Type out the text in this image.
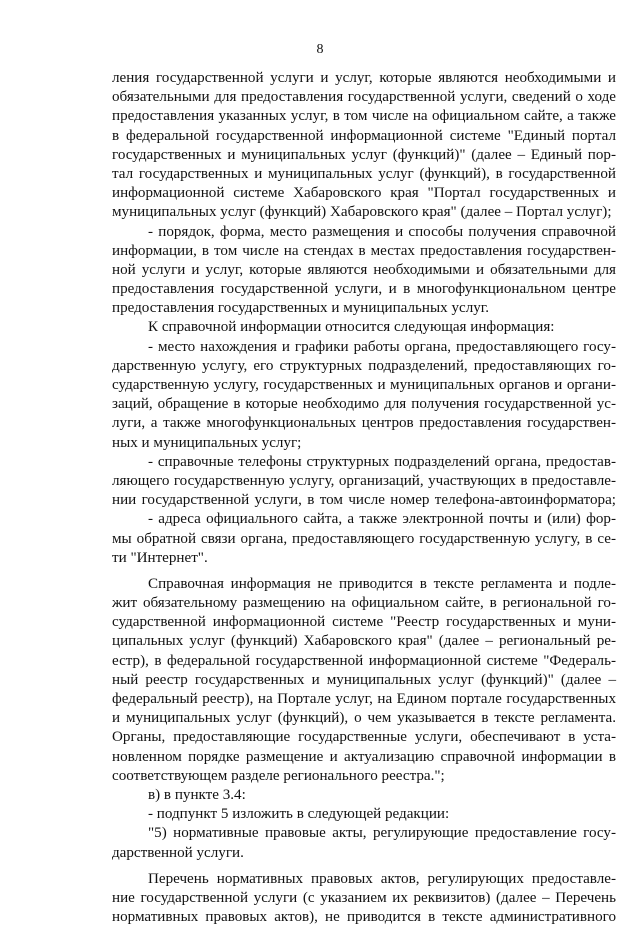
8
ления государственной услуги и услуг, которые являются необходимыми и
обязательными для предоставления государственной услуги, сведений о ходе
предоставления указанных услуг, в том числе на официальном сайте, а также
в федеральной государственной информационной системе "Единый портал
государственных и муниципальных услуг (функций)" (далее – Единый пор-
тал государственных и муниципальных услуг (функций), в государственной
информационной системе Хабаровского края "Портал государственных и
муниципальных услуг (функций) Хабаровского края" (далее – Портал услуг);
- порядок, форма, место размещения и способы получения справочной
информации, в том числе на стендах в местах предоставления государствен-
ной услуги и услуг, которые являются необходимыми и обязательными для
предоставления государственной услуги, и в многофункциональном центре
предоставления государственных и муниципальных услуг.
К справочной информации относится следующая информация:
- место нахождения и графики работы органа, предоставляющего госу-
дарственную услугу, его структурных подразделений, предоставляющих го-
сударственную услугу, государственных и муниципальных органов и органи-
заций, обращение в которые необходимо для получения государственной ус-
луги, а также многофункциональных центров предоставления государствен-
ных и муниципальных услуг;
- справочные телефоны структурных подразделений органа, предостав-
ляющего государственную услугу, организаций, участвующих в предоставле-
нии государственной услуги, в том числе номер телефона-автоинформатора;
- адреса официального сайта, а также электронной почты и (или) фор-
мы обратной связи органа, предоставляющего государственную услугу, в се-
ти "Интернет".
Справочная информация не приводится в тексте регламента и подле-
жит обязательному размещению на официальном сайте, в региональной го-
сударственной информационной системе "Реестр государственных и муни-
ципальных услуг (функций) Хабаровского края" (далее – региональный ре-
естр), в федеральной государственной информационной системе "Федераль-
ный реестр государственных и муниципальных услуг (функций)" (далее –
федеральный реестр), на Портале услуг, на Едином портале государственных
и муниципальных услуг (функций), о чем указывается в тексте регламента.
Органы, предоставляющие государственные услуги, обеспечивают в уста-
новленном порядке размещение и актуализацию справочной информации в
соответствующем разделе регионального реестра.";
в) в пункте 3.4:
- подпункт 5 изложить в следующей редакции:
"5) нормативные правовые акты, регулирующие предоставление госу-
дарственной услуги.
Перечень нормативных правовых актов, регулирующих предоставле-
ние государственной услуги (с указанием их реквизитов) (далее – Перечень
нормативных правовых актов), не приводится в тексте административного
